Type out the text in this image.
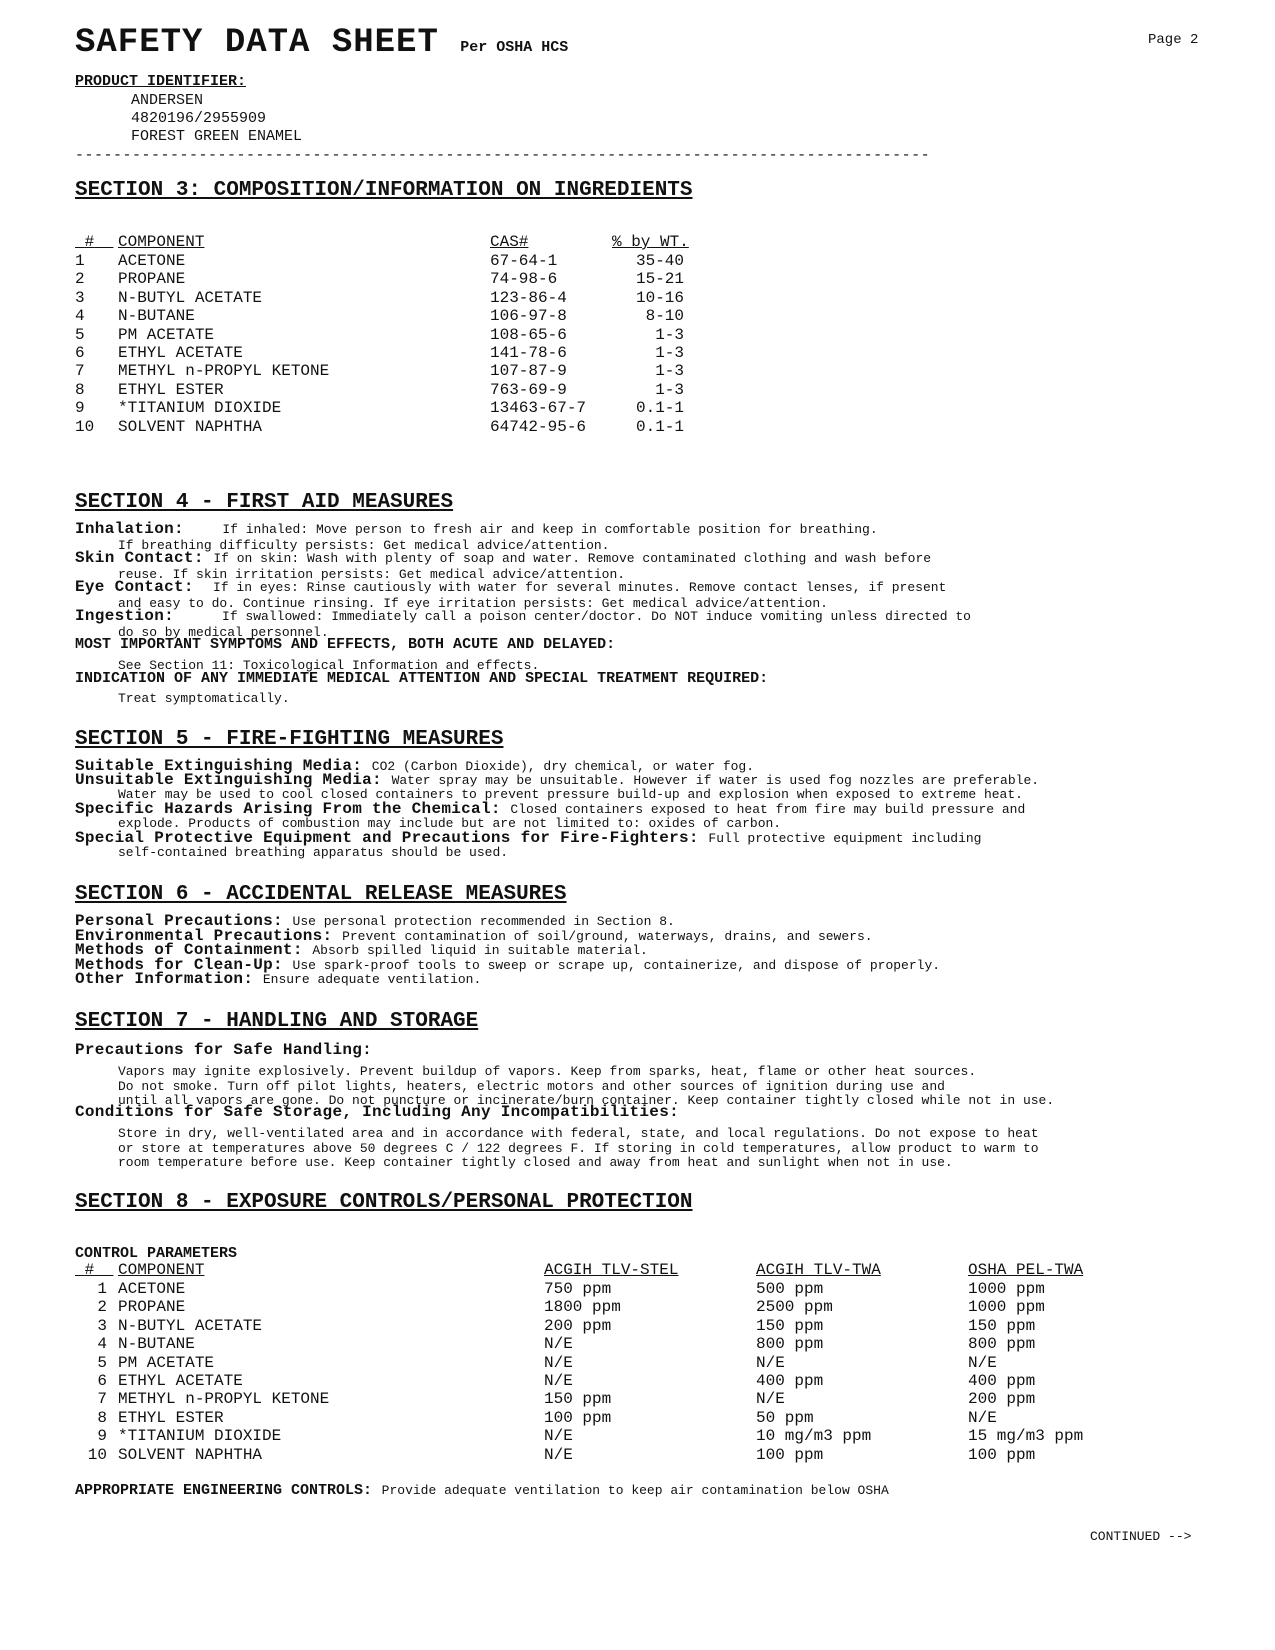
SAFETY DATA SHEET Per OSHA HCS	Page 2
PRODUCT IDENTIFIER:
ANDERSEN
4820196/2955909
FOREST GREEN ENAMEL
------------------------------------------------------------------------------------------
SECTION 3: COMPOSITION/INFORMATION ON INGREDIENTS
#	COMPONENT	CAS#	% by WT.
1 ACETONE	67-64-1	35-40
2 PROPANE	74-98-6	15-21
3 N-BUTYL ACETATE	123-86-4	10-16
4 N-BUTANE	106-97-8	8-10
5 PM ACETATE	108-65-6	1-3
6 ETHYL ACETATE	141-78-6	1-3
7 METHYL n-PROPYL KETONE	107-87-9	1-3
8 ETHYL ESTER	763-69-9	1-3
9 *TITANIUM DIOXIDE	13463-67-7	0.1-1
10 SOLVENT NAPHTHA	64742-95-6	0.1-1
SECTION 4 - FIRST AID MEASURES
Inhalation:	If inhaled: Move person to fresh air and keep in comfortable position for breathing.
If breathing difficulty persists: Get medical advice/attention.
Skin Contact: If on skin: Wash with plenty of soap and water. Remove contaminated clothing and wash before
reuse. If skin irritation persists: Get medical advice/attention.
Eye Contact: If in eyes: Rinse cautiously with water for several minutes. Remove contact lenses, if present
and easy to do. Continue rinsing. If eye irritation persists: Get medical advice/attention.
Ingestion:	If swallowed: Immediately call a poison center/doctor. Do NOT induce vomiting unless directed to
do so by medical personnel.
MOST IMPORTANT SYMPTOMS AND EFFECTS, BOTH ACUTE AND DELAYED:
See Section 11: Toxicological Information and effects.
INDICATION OF ANY IMMEDIATE MEDICAL ATTENTION AND SPECIAL TREATMENT REQUIRED:
Treat symptomatically.
SECTION 5 - FIRE-FIGHTING MEASURES
Suitable Extinguishing Media: CO2 (Carbon Dioxide), dry chemical, or water fog.
Unsuitable Extinguishing Media: Water spray may be unsuitable. However if water is used fog nozzles are preferable.
Water may be used to cool closed containers to prevent pressure build-up and explosion when exposed to extreme heat.
Specific Hazards Arising From the Chemical: Closed containers exposed to heat from fire may build pressure and
explode. Products of combustion may include but are not limited to: oxides of carbon.
Special Protective Equipment and Precautions for Fire-Fighters: Full protective equipment including
self-contained breathing apparatus should be used.
SECTION 6 - ACCIDENTAL RELEASE MEASURES
Personal Precautions: Use personal protection recommended in Section 8.
Environmental Precautions: Prevent contamination of soil/ground, waterways, drains, and sewers.
Methods of Containment: Absorb spilled liquid in suitable material.
Methods for Clean-Up: Use spark-proof tools to sweep or scrape up, containerize, and dispose of properly.
Other Information: Ensure adequate ventilation.
SECTION 7 - HANDLING AND STORAGE
Precautions for Safe Handling:
Vapors may ignite explosively. Prevent buildup of vapors. Keep from sparks, heat, flame or other heat sources.
Do not smoke. Turn off pilot lights, heaters, electric motors and other sources of ignition during use and
until all vapors are gone. Do not puncture or incinerate/burn container. Keep container tightly closed while not in use.
Conditions for Safe Storage, Including Any Incompatibilities:
Store in dry, well-ventilated area and in accordance with federal, state, and local regulations. Do not expose to heat
or store at temperatures above 50 degrees C / 122 degrees F. If storing in cold temperatures, allow product to warm to
room temperature before use. Keep container tightly closed and away from heat and sunlight when not in use.
SECTION 8 - EXPOSURE CONTROLS/PERSONAL PROTECTION
CONTROL PARAMETERS
#	COMPONENT	ACGIH TLV-STEL	ACGIH TLV-TWA	OSHA PEL-TWA
1 ACETONE	750 ppm	500 ppm	1000 ppm
2 PROPANE	1800 ppm	2500 ppm	1000 ppm
3 N-BUTYL ACETATE	200 ppm	150 ppm	150 ppm
4 N-BUTANE	N/E	800 ppm	800 ppm
5 PM ACETATE	N/E	N/E	N/E
6 ETHYL ACETATE	N/E	400 ppm	400 ppm
7 METHYL n-PROPYL KETONE	150 ppm	N/E	200 ppm
8 ETHYL ESTER	100 ppm	50 ppm	N/E
9 *TITANIUM DIOXIDE	N/E	10 mg/m3 ppm	15 mg/m3 ppm
10 SOLVENT NAPHTHA	N/E	100 ppm	100 ppm
APPROPRIATE ENGINEERING CONTROLS: Provide adequate ventilation to keep air contamination below OSHA
CONTINUED -->
